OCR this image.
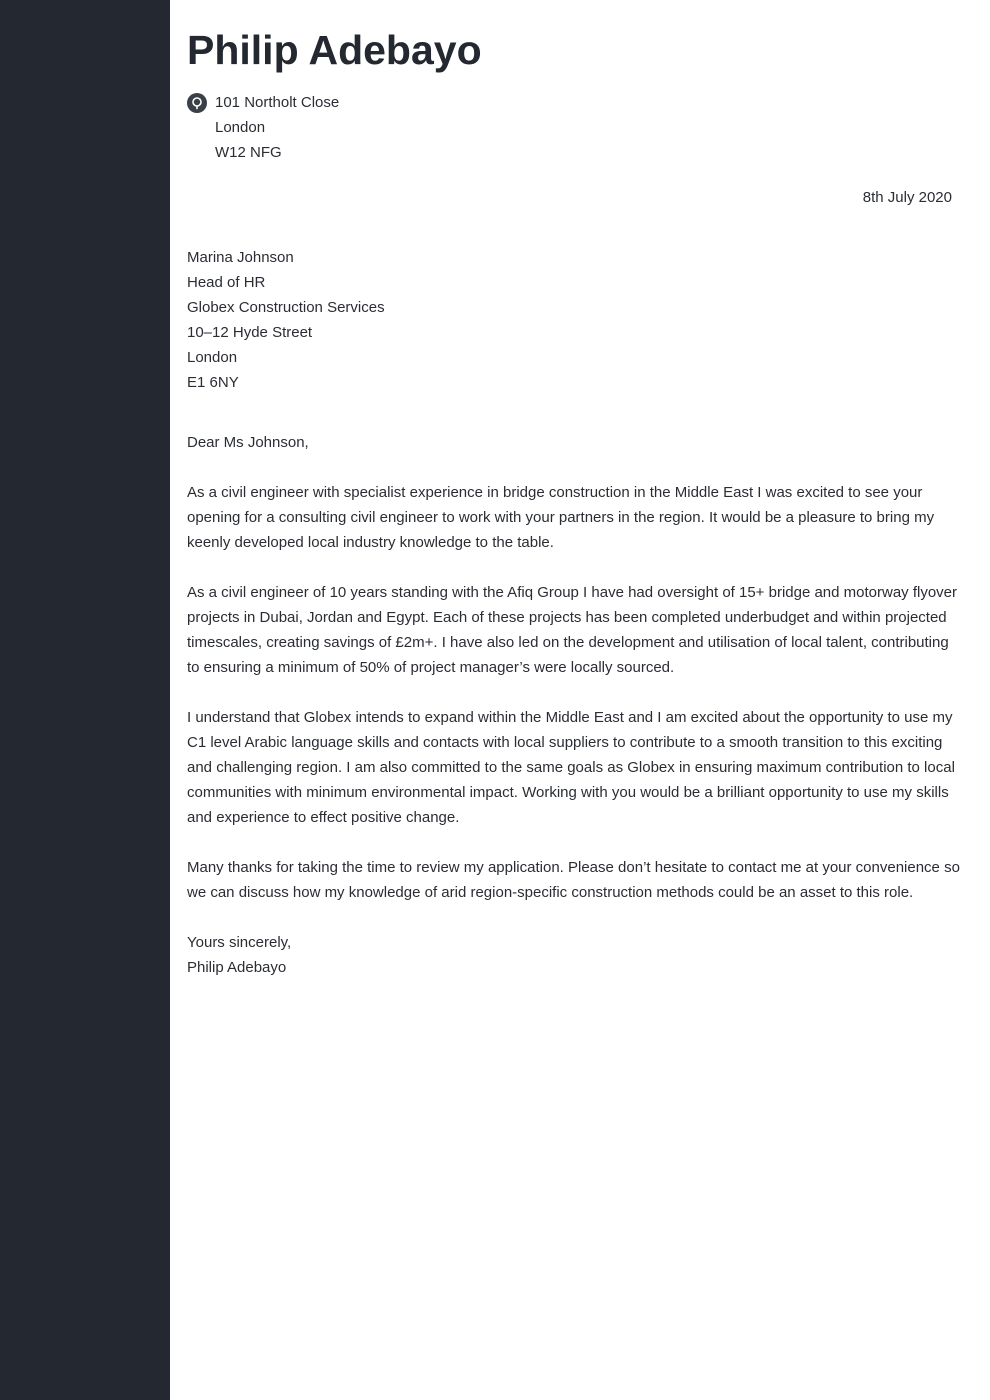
Philip Adebayo
101 Northolt Close
London
W12 NFG
8th July 2020
Marina Johnson
Head of HR
Globex Construction Services
10–12 Hyde Street
London
E1 6NY
Dear Ms Johnson,

As a civil engineer with specialist experience in bridge construction in the Middle East I was excited to see your opening for a consulting civil engineer to work with your partners in the region. It would be a pleasure to bring my keenly developed local industry knowledge to the table.

As a civil engineer of 10 years standing with the Afiq Group I have had oversight of 15+ bridge and motorway flyover projects in Dubai, Jordan and Egypt. Each of these projects has been completed underbudget and within projected timescales, creating savings of £2m+. I have also led on the development and utilisation of local talent, contributing to ensuring a minimum of 50% of project manager’s were locally sourced.

I understand that Globex intends to expand within the Middle East and I am excited about the opportunity to use my C1 level Arabic language skills and contacts with local suppliers to contribute to a smooth transition to this exciting and challenging region. I am also committed to the same goals as Globex in ensuring maximum contribution to local communities with minimum environmental impact. Working with you would be a brilliant opportunity to use my skills and experience to effect positive change.

Many thanks for taking the time to review my application. Please don’t hesitate to contact me at your convenience so we can discuss how my knowledge of arid region-specific construction methods could be an asset to this role.

Yours sincerely,
Philip Adebayo
